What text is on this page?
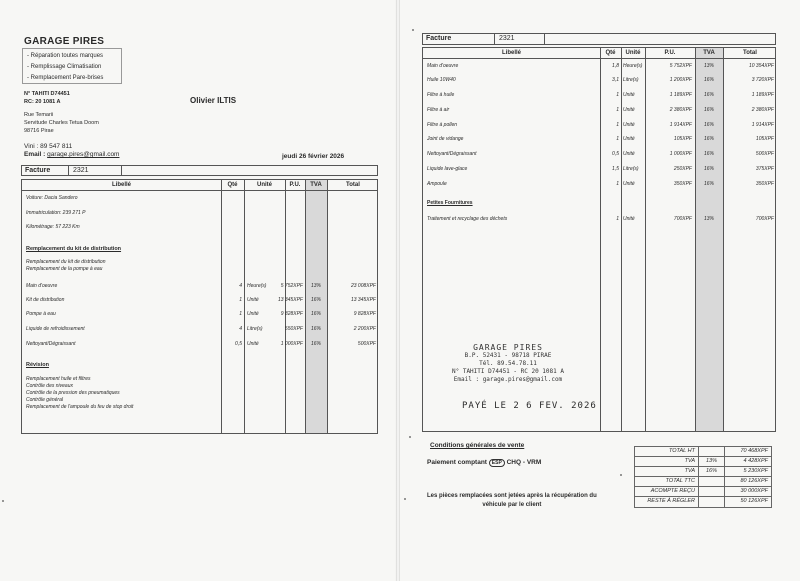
GARAGE PIRES
- Réparation toutes marques
- Remplissage Climatisation
- Remplacement Pare-brises
N° TAHITI D74451
RC: 20 1081 A	Olivier ILTIS
Rue Temarii
Servitude Charles Tetua Doom
98716 Pirae
Vini : 89 547 811
Email : garage.pires@gmail.com	jeudi 26 février 2026
Facture	2321
Libellé	Qté	Unité	P.U.	TVA	Total
Voiture: Dacia Sandero
Immatriculation: 239 271 P
Kilométrage: 57 223 Km
Remplacement du kit de distribution
Remplacement du kit de distribution
Remplacement de la pompe à eau
Main d'oeuvre	4 Heure(s)	5 752XPF	13%	23 008XPF
Kit de distribution	1 Unité	13 345XPF	16%	13 345XPF
Pompe à eau	1 Unité	9 828XPF	16%	9 828XPF
Liquide de refroidissement	4 Litre(s)	550XPF	16%	2 200XPF
Nettoyant/Dégraissant	0,5 Unité	1 000XPF	16%	500XPF
Révision
Remplacement huile et filtres
Contrôle des niveaux
Contrôle de la pression des pneumatiques
Contrôle général
Remplacement de l'ampoule du feu de stop droit
Facture	2321
Libellé	Qté	Unité	P.U.	TVA	Total
Main d'oeuvre	1,8 Heure(s)	5 752XPF	13%	10 354XPF
Huile 10W40	3,1 Litre(s)	1 200XPF	16%	3 720XPF
Filtre à huile	1 Unité	1 189XPF	16%	1 189XPF
Filtre à air	1 Unité	2 380XPF	16%	2 380XPF
Filtre à pollen	1 Unité	1 914XPF	16%	1 914XPF
Joint de vidange	1 Unité	105XPF	16%	105XPF
Nettoyant/Dégraissant	0,5 Unité	1 000XPF	16%	500XPF
Liquide lave-glace	1,5 Litre(s)	250XPF	16%	375XPF
Ampoule	1 Unité	350XPF	16%	350XPF
Petites Fournitures
Traitement et recyclage des déchets	1 Unité	700XPF	13%	700XPF
GARAGE PIRES
B.P. 52431 - 98718 PIRAE
Tél. 89.54.78.11
N° TAHITI D74451 - RC 20 1081 A
Email : garage.pires@gmail.com
PAYÉ LE 2 6 FEV. 2026
Conditions générales de vente
Paiement comptant ESP CHQ - VRM
Les pièces remplacées sont jetées après la récupération du
véhicule par le client
TOTAL HT	70 468XPF
TVA	13%	4 428XPF
TVA	16%	5 230XPF
TOTAL TTC	80 126XPF
ACOMPTE REÇU	30 000XPF
RESTE À RÉGLER	50 126XPF
